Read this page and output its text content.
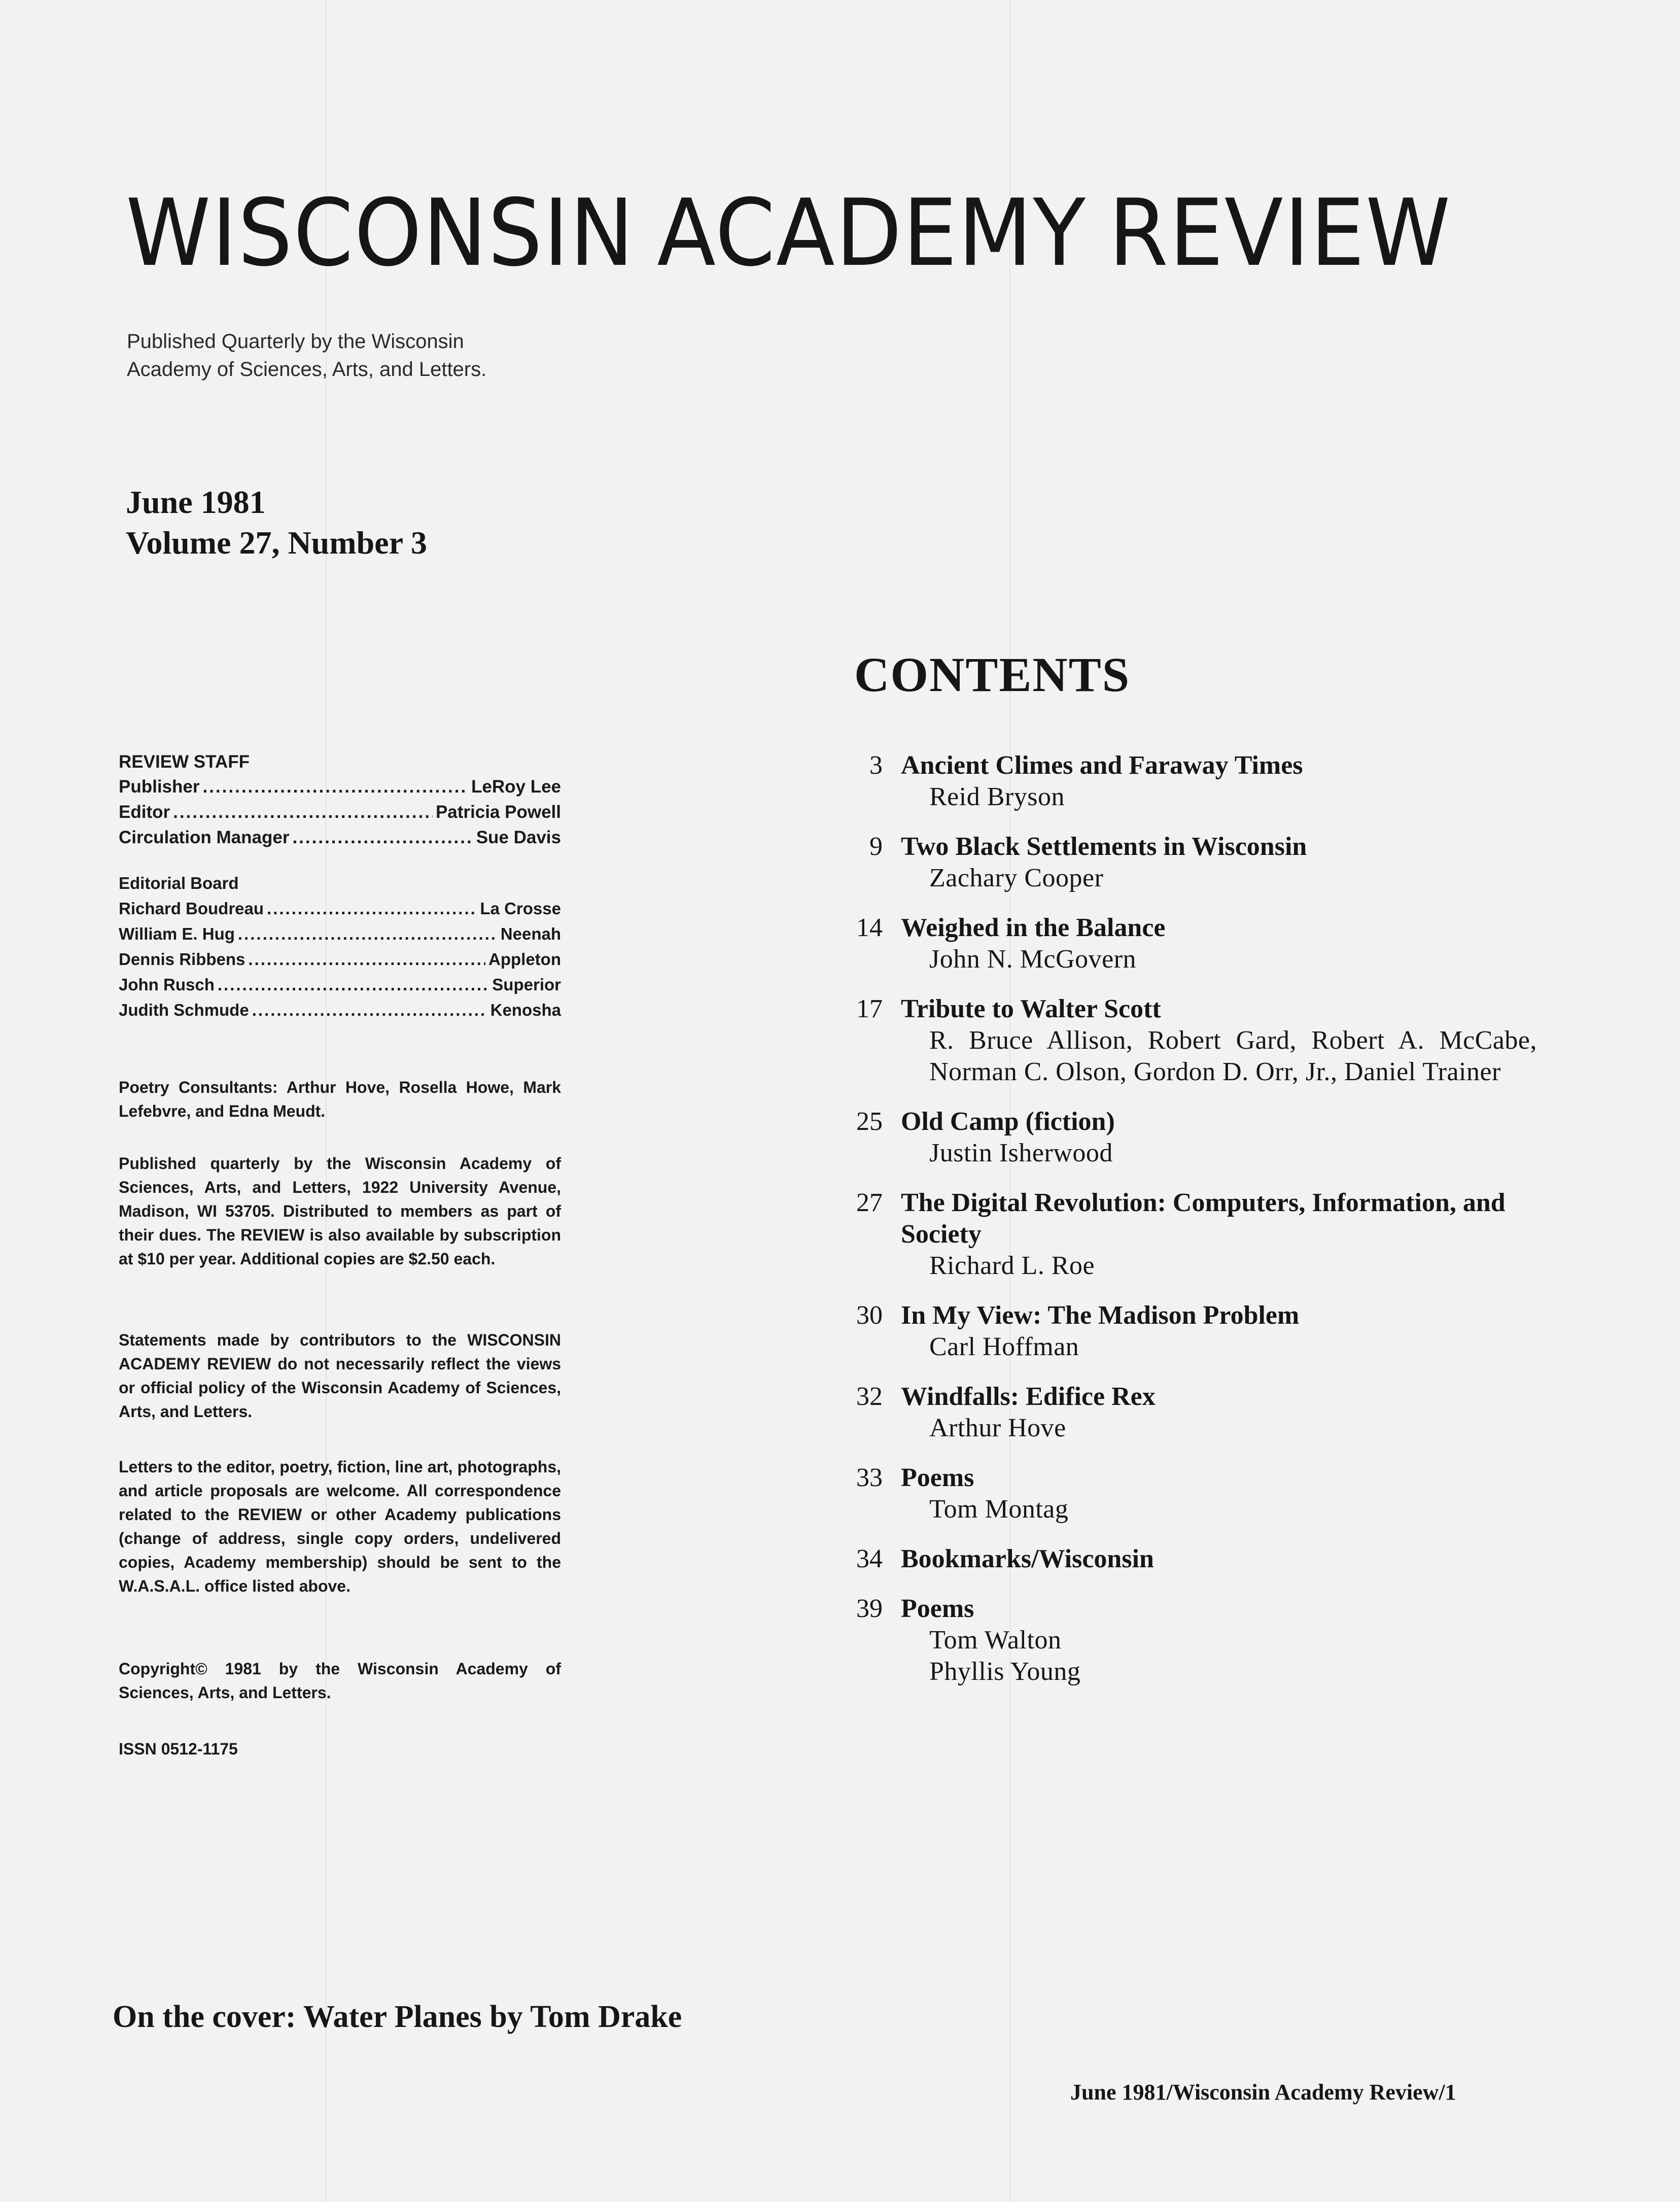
WISCONSIN ACADEMY REVIEW
Published Quarterly by the Wisconsin
Academy of Sciences, Arts, and Letters.
June 1981
Volume 27, Number 3
REVIEW STAFF
Publisher .....	LeRoy Lee
Editor .....	Patricia Powell
Circulation Manager .....	Sue Davis
Editorial Board
Richard Boudreau .....	La Crosse
William E. Hug .....	Neenah
Dennis Ribbens .....	Appleton
John Rusch .....	Superior
Judith Schmude .....	Kenosha

Poetry Consultants: Arthur Hove, Rosella Howe, Mark Lefebvre, and Edna Meudt.

Published quarterly by the Wisconsin Academy of Sciences, Arts, and Letters, 1922 University Avenue, Madison, WI 53705. Distributed to members as part of their dues. The REVIEW is also available by subscription at $10 per year. Additional copies are $2.50 each.

Statements made by contributors to the WISCONSIN ACADEMY REVIEW do not necessarily reflect the views or official policy of the Wisconsin Academy of Sciences, Arts, and Letters.

Letters to the editor, poetry, fiction, line art, photographs, and article proposals are welcome. All correspondence related to the REVIEW or other Academy publications (change of address, single copy orders, undelivered copies, Academy membership) should be sent to the W.A.S.A.L. office listed above.

Copyright© 1981 by the Wisconsin Academy of Sciences, Arts, and Letters.

ISSN 0512-1175

CONTENTS
3 Ancient Climes and Faraway Times
Reid Bryson
9 Two Black Settlements in Wisconsin
Zachary Cooper
14 Weighed in the Balance
John N. McGovern
17 Tribute to Walter Scott
R. Bruce Allison, Robert Gard, Robert A. McCabe, Norman C. Olson, Gordon D. Orr, Jr., Daniel Trainer
25 Old Camp (fiction)
Justin Isherwood
27 The Digital Revolution: Computers, Information, and Society
Richard L. Roe
30 In My View: The Madison Problem
Carl Hoffman
32 Windfalls: Edifice Rex
Arthur Hove
33 Poems
Tom Montag
34 Bookmarks/Wisconsin
39 Poems
Tom Walton
Phyllis Young
On the cover: Water Planes by Tom Drake
June 1981/Wisconsin Academy Review/1
